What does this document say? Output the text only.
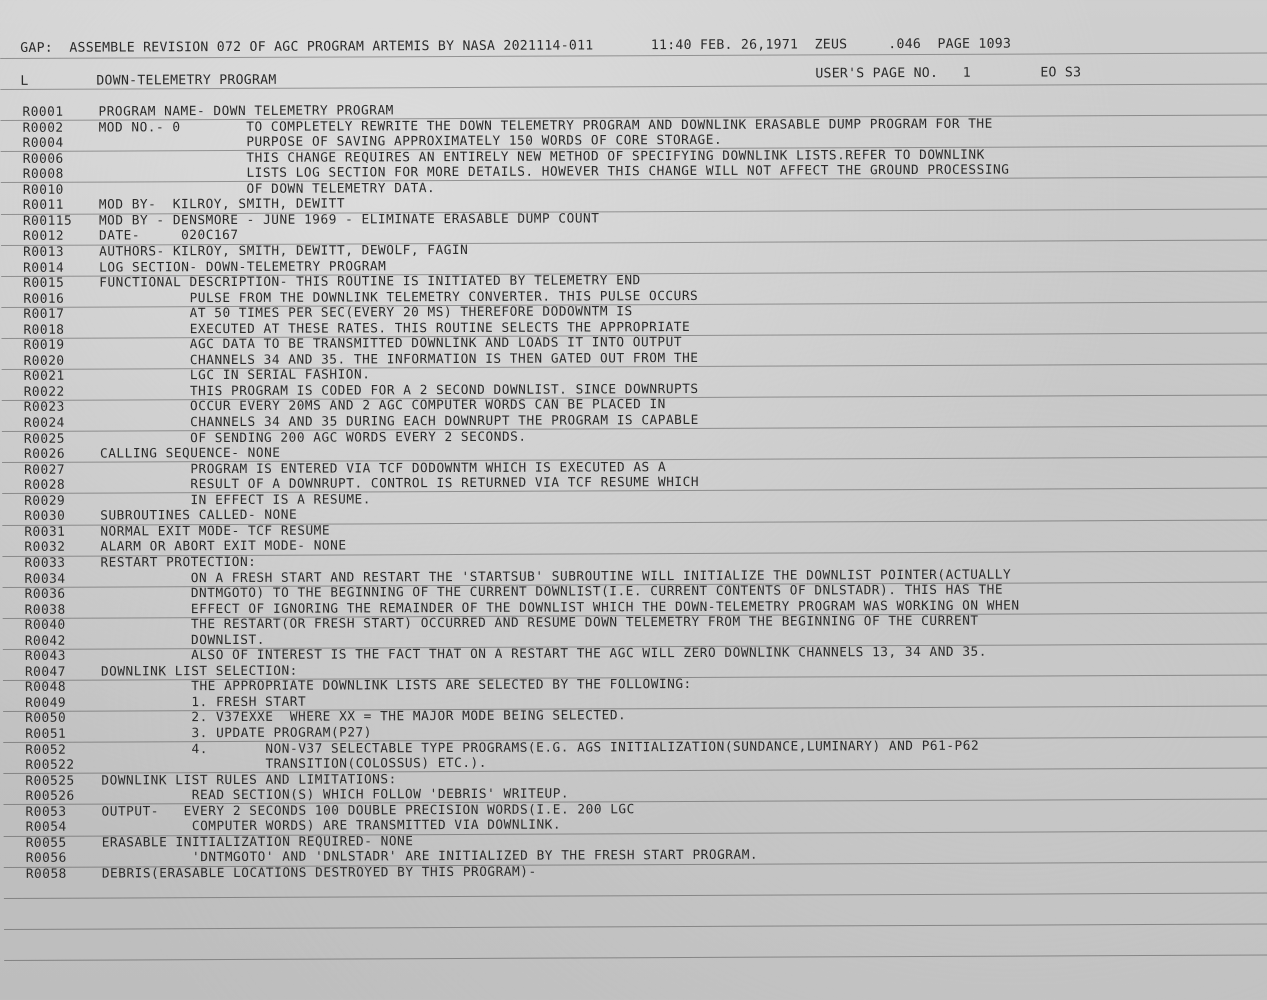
GAP:  ASSEMBLE REVISION 072 OF AGC PROGRAM ARTEMIS BY NASA 2021114-011       11:40 FEB. 26,1971  ZEUS     .046  PAGE 1093
L	DOWN-TELEMETRY PROGRAM	USER'S PAGE NO.   1	EO S3
R0001	PROGRAM NAME- DOWN TELEMETRY PROGRAM
R0002	MOD NO.- 0        TO COMPLETELY REWRITE THE DOWN TELEMETRY PROGRAM AND DOWNLINK ERASABLE DUMP PROGRAM FOR THE
R0004	PURPOSE OF SAVING APPROXIMATELY 150 WORDS OF CORE STORAGE.
R0006	THIS CHANGE REQUIRES AN ENTIRELY NEW METHOD OF SPECIFYING DOWNLINK LISTS.REFER TO DOWNLINK
R0008	LISTS LOG SECTION FOR MORE DETAILS. HOWEVER THIS CHANGE WILL NOT AFFECT THE GROUND PROCESSING
R0010	OF DOWN TELEMETRY DATA.
R0011	MOD BY-  KILROY, SMITH, DEWITT
R00115	MOD BY - DENSMORE - JUNE 1969 - ELIMINATE ERASABLE DUMP COUNT
R0012	DATE-     020C167
R0013	AUTHORS- KILROY, SMITH, DEWITT, DEWOLF, FAGIN
R0014	LOG SECTION- DOWN-TELEMETRY PROGRAM
R0015	FUNCTIONAL DESCRIPTION- THIS ROUTINE IS INITIATED BY TELEMETRY END
R0016	PULSE FROM THE DOWNLINK TELEMETRY CONVERTER. THIS PULSE OCCURS
R0017	AT 50 TIMES PER SEC(EVERY 20 MS) THEREFORE DODOWNTM IS
R0018	EXECUTED AT THESE RATES. THIS ROUTINE SELECTS THE APPROPRIATE
R0019	AGC DATA TO BE TRANSMITTED DOWNLINK AND LOADS IT INTO OUTPUT
R0020	CHANNELS 34 AND 35. THE INFORMATION IS THEN GATED OUT FROM THE
R0021	LGC IN SERIAL FASHION.
R0022	THIS PROGRAM IS CODED FOR A 2 SECOND DOWNLIST. SINCE DOWNRUPTS
R0023	OCCUR EVERY 20MS AND 2 AGC COMPUTER WORDS CAN BE PLACED IN
R0024	CHANNELS 34 AND 35 DURING EACH DOWNRUPT THE PROGRAM IS CAPABLE
R0025	OF SENDING 200 AGC WORDS EVERY 2 SECONDS.
R0026	CALLING SEQUENCE- NONE
R0027	PROGRAM IS ENTERED VIA TCF DODOWNTM WHICH IS EXECUTED AS A
R0028	RESULT OF A DOWNRUPT. CONTROL IS RETURNED VIA TCF RESUME WHICH
R0029	IN EFFECT IS A RESUME.
R0030	SUBROUTINES CALLED- NONE
R0031	NORMAL EXIT MODE- TCF RESUME
R0032	ALARM OR ABORT EXIT MODE- NONE
R0033	RESTART PROTECTION:
R0034	ON A FRESH START AND RESTART THE 'STARTSUB' SUBROUTINE WILL INITIALIZE THE DOWNLIST POINTER(ACTUALLY
R0036	DNTMGOTO) TO THE BEGINNING OF THE CURRENT DOWNLIST(I.E. CURRENT CONTENTS OF DNLSTADR). THIS HAS THE
R0038	EFFECT OF IGNORING THE REMAINDER OF THE DOWNLIST WHICH THE DOWN-TELEMETRY PROGRAM WAS WORKING ON WHEN
R0040	THE RESTART(OR FRESH START) OCCURRED AND RESUME DOWN TELEMETRY FROM THE BEGINNING OF THE CURRENT
R0042	DOWNLIST.
R0043	ALSO OF INTEREST IS THE FACT THAT ON A RESTART THE AGC WILL ZERO DOWNLINK CHANNELS 13, 34 AND 35.
R0047	DOWNLINK LIST SELECTION:
R0048	THE APPROPRIATE DOWNLINK LISTS ARE SELECTED BY THE FOLLOWING:
R0049	1. FRESH START
R0050	2. V37EXXE  WHERE XX = THE MAJOR MODE BEING SELECTED.
R0051	3. UPDATE PROGRAM(P27)
R0052	4.       NON-V37 SELECTABLE TYPE PROGRAMS(E.G. AGS INITIALIZATION(SUNDANCE,LUMINARY) AND P61-P62
R00522	TRANSITION(COLOSSUS) ETC.).
R00525	DOWNLINK LIST RULES AND LIMITATIONS:
R00526	READ SECTION(S) WHICH FOLLOW 'DEBRIS' WRITEUP.
R0053	OUTPUT-   EVERY 2 SECONDS 100 DOUBLE PRECISION WORDS(I.E. 200 LGC
R0054	COMPUTER WORDS) ARE TRANSMITTED VIA DOWNLINK.
R0055	ERASABLE INITIALIZATION REQUIRED- NONE
R0056	'DNTMGOTO' AND 'DNLSTADR' ARE INITIALIZED BY THE FRESH START PROGRAM.
R0058	DEBRIS(ERASABLE LOCATIONS DESTROYED BY THIS PROGRAM)-
